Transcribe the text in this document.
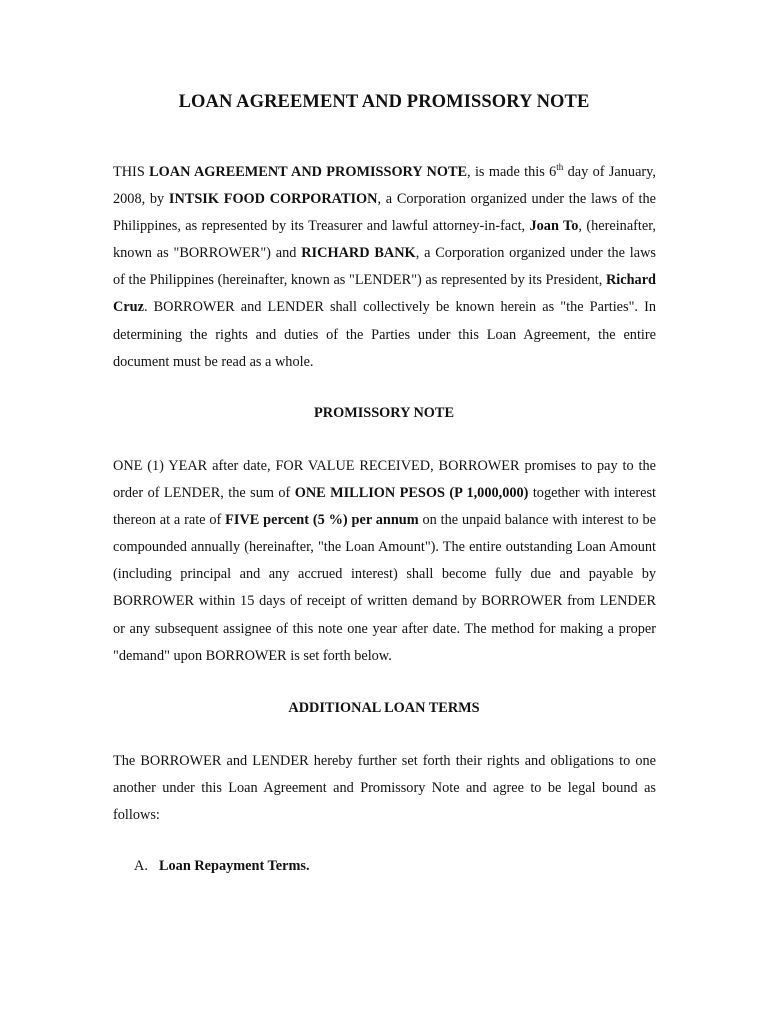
LOAN AGREEMENT AND PROMISSORY NOTE

THIS LOAN AGREEMENT AND PROMISSORY NOTE, is made this 6th day of January, 2008, by INTSIK FOOD CORPORATION, a Corporation organized under the laws of the Philippines, as represented by its Treasurer and lawful attorney-in-fact, Joan To, (hereinafter, known as "BORROWER") and RICHARD BANK, a Corporation organized under the laws of the Philippines (hereinafter, known as "LENDER") as represented by its President, Richard Cruz. BORROWER and LENDER shall collectively be known herein as "the Parties". In determining the rights and duties of the Parties under this Loan Agreement, the entire document must be read as a whole.

PROMISSORY NOTE

ONE (1) YEAR after date, FOR VALUE RECEIVED, BORROWER promises to pay to the order of LENDER, the sum of ONE MILLION PESOS (P 1,000,000) together with interest thereon at a rate of FIVE percent (5 %) per annum on the unpaid balance with interest to be compounded annually (hereinafter, "the Loan Amount"). The entire outstanding Loan Amount (including principal and any accrued interest) shall become fully due and payable by BORROWER within 15 days of receipt of written demand by BORROWER from LENDER or any subsequent assignee of this note one year after date. The method for making a proper "demand" upon BORROWER is set forth below.

ADDITIONAL LOAN TERMS

The BORROWER and LENDER hereby further set forth their rights and obligations to one another under this Loan Agreement and Promissory Note and agree to be legal bound as follows:

A. Loan Repayment Terms.
